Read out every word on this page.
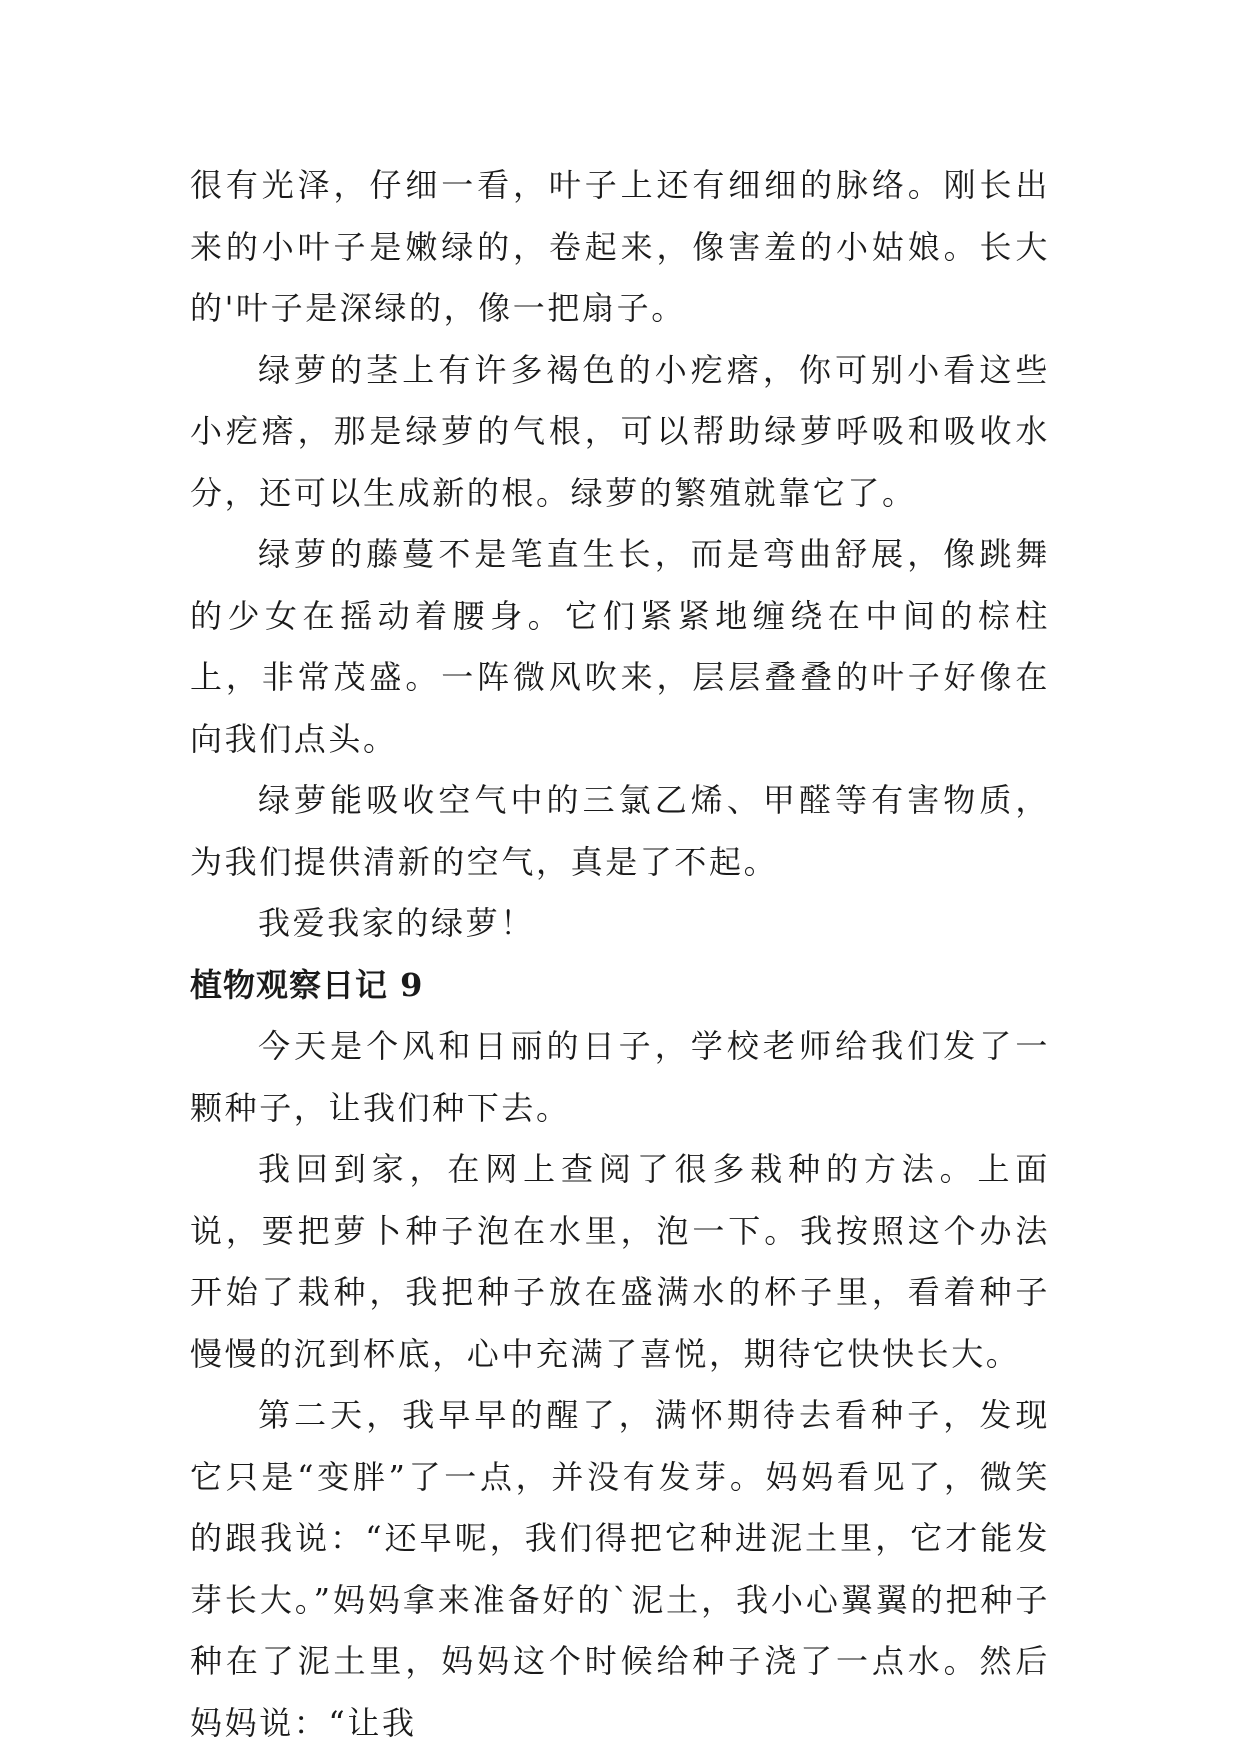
很有光泽，仔细一看，叶子上还有细细的脉络。刚长出来的小叶子是嫩绿的，卷起来，像害羞的小姑娘。长大的'叶子是深绿的，像一把扇子。

绿萝的茎上有许多褐色的小疙瘩，你可别小看这些小疙瘩，那是绿萝的气根，可以帮助绿萝呼吸和吸收水分，还可以生成新的根。绿萝的繁殖就靠它了。

绿萝的藤蔓不是笔直生长，而是弯曲舒展，像跳舞的少女在摇动着腰身。它们紧紧地缠绕在中间的棕柱上，非常茂盛。一阵微风吹来，层层叠叠的叶子好像在向我们点头。

绿萝能吸收空气中的三氯乙烯、甲醛等有害物质，为我们提供清新的空气，真是了不起。

我爱我家的绿萝！

植物观察日记 9

今天是个风和日丽的日子，学校老师给我们发了一颗种子，让我们种下去。

我回到家，在网上查阅了很多栽种的方法。上面说，要把萝卜种子泡在水里，泡一下。我按照这个办法开始了栽种，我把种子放在盛满水的杯子里，看着种子慢慢的沉到杯底，心中充满了喜悦，期待它快快长大。

第二天，我早早的醒了，满怀期待去看种子，发现它只是“变胖”了一点，并没有发芽。妈妈看见了，微笑的跟我说：“还早呢，我们得把它种进泥土里，它才能发芽长大。”妈妈拿来准备好的`泥土，我小心翼翼的把种子种在了泥土里，妈妈这个时候给种子浇了一点水。然后妈妈说：“让我
